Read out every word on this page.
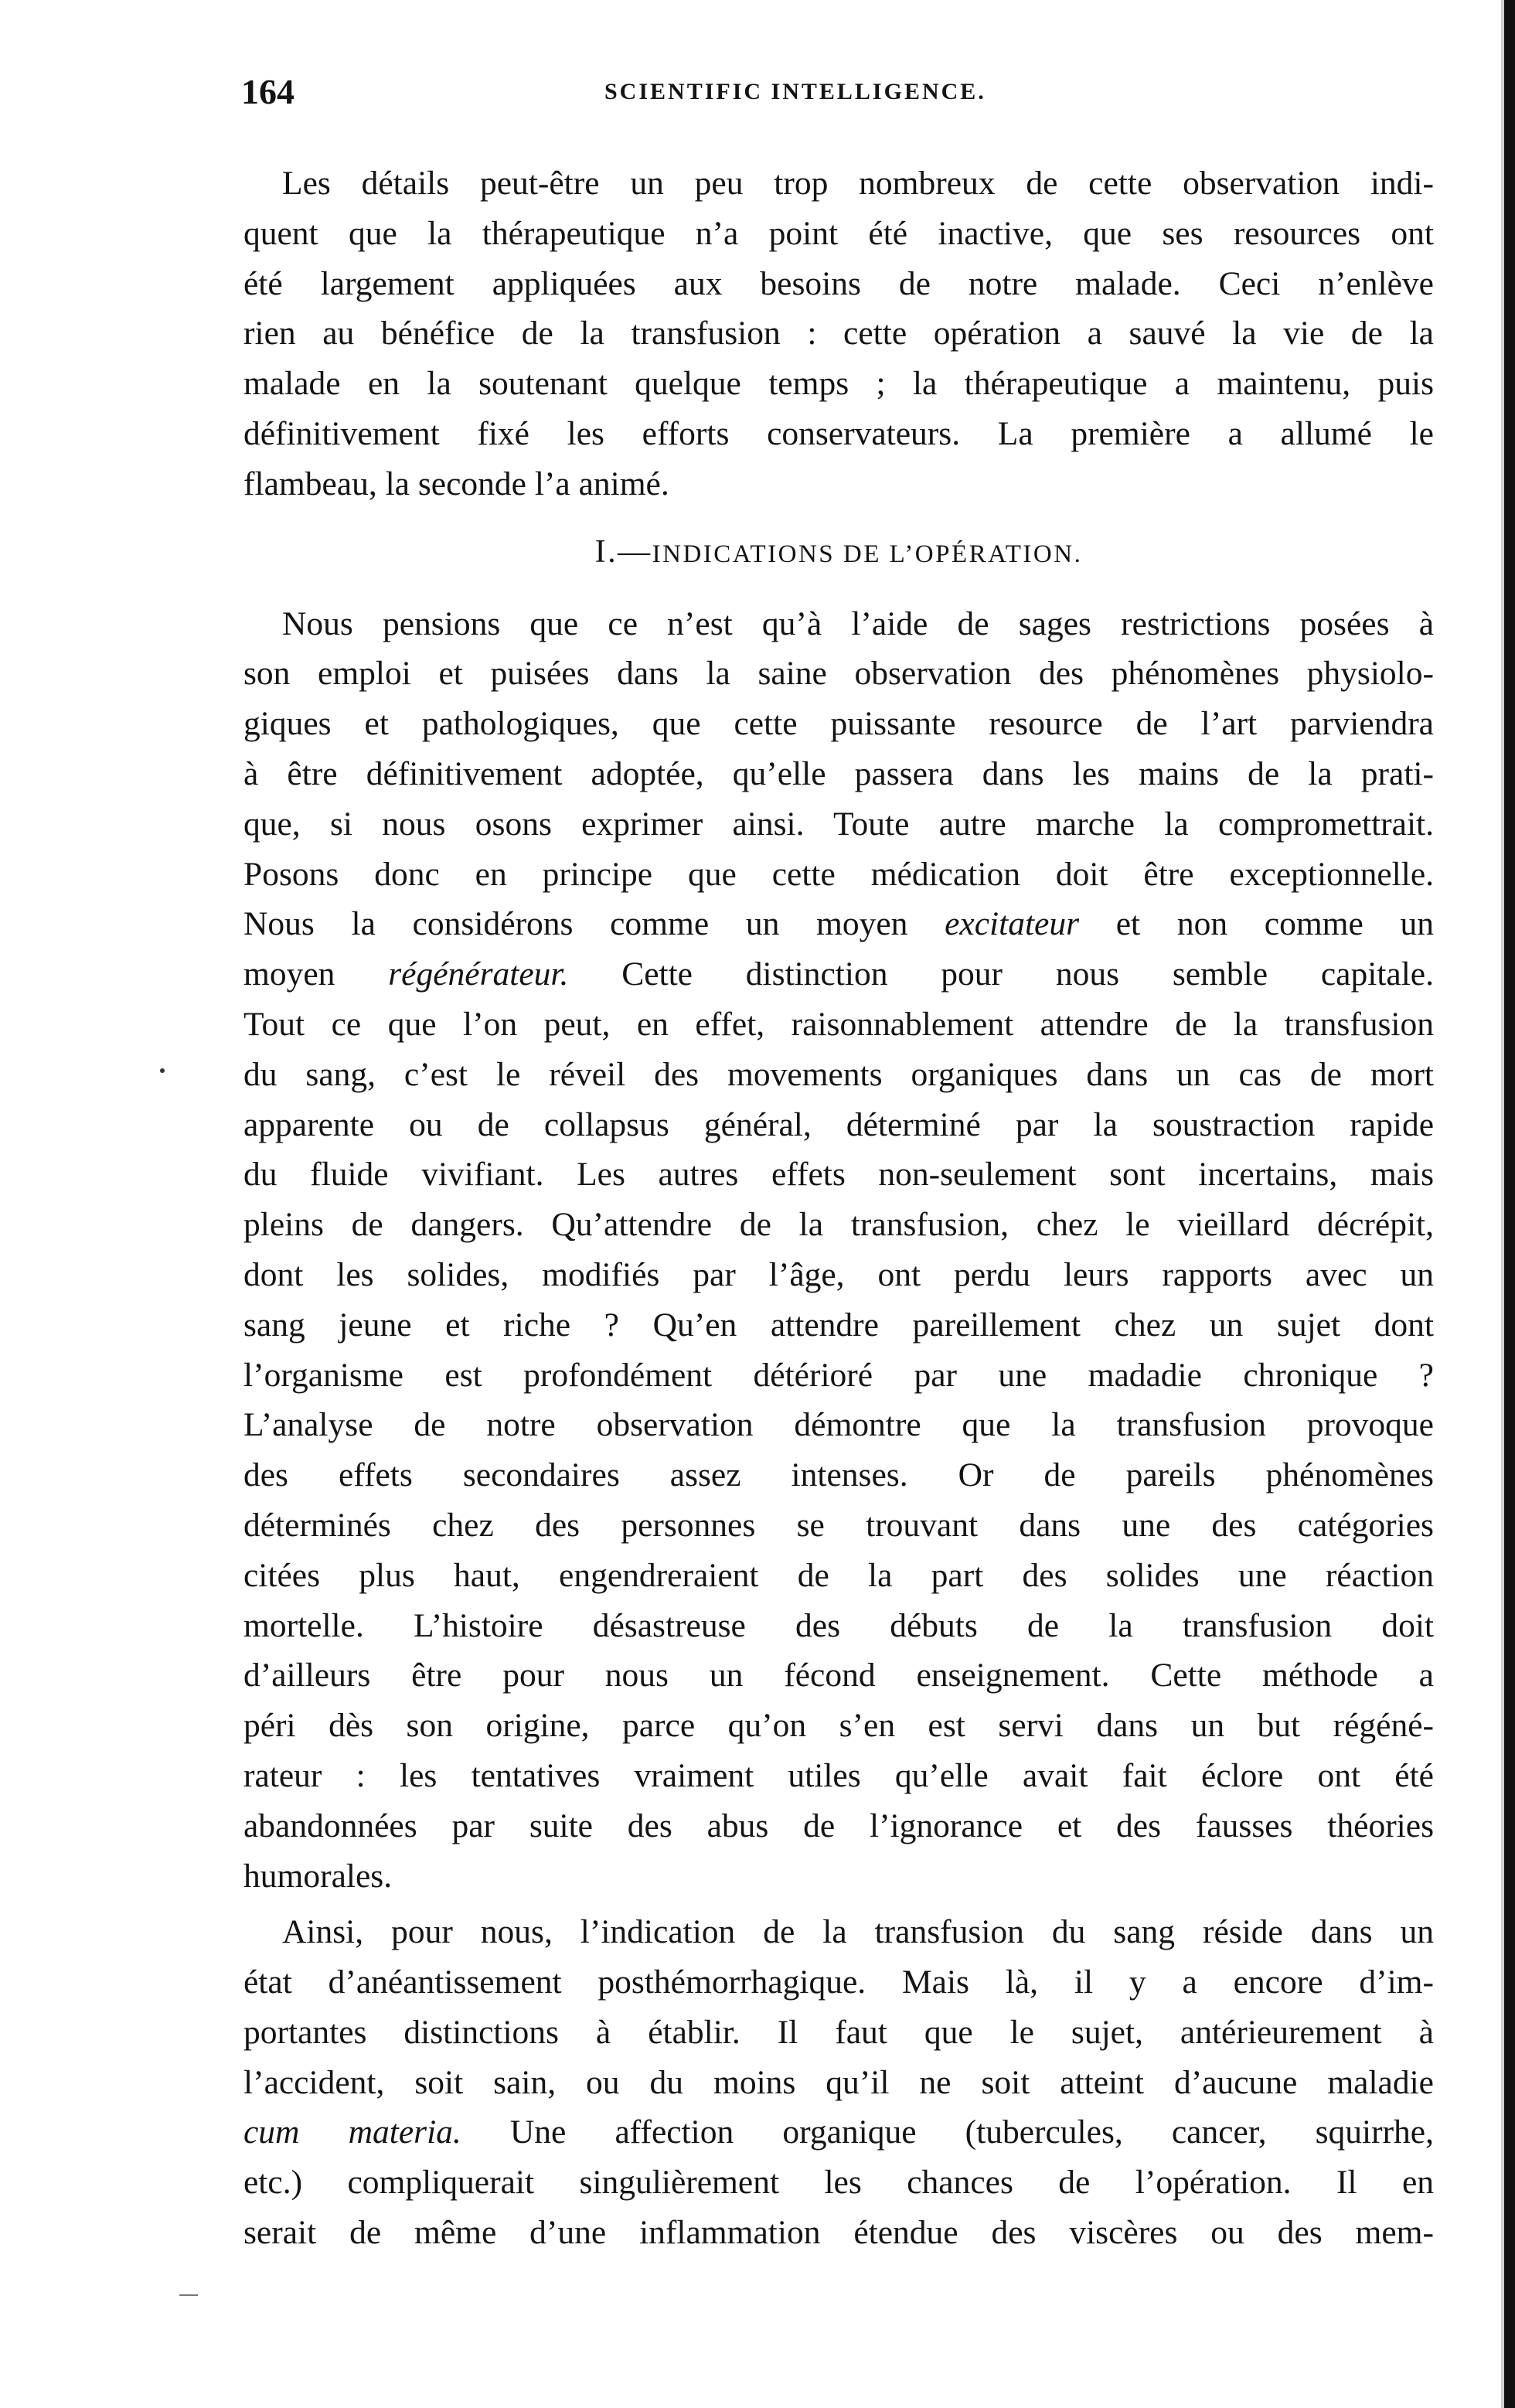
164	SCIENTIFIC INTELLIGENCE.
Les détails peut-être un peu trop nombreux de cette observation indi-
quent que la thérapeutique n’a point été inactive, que ses resources ont
été largement appliquées aux besoins de notre malade. Ceci n’enlève
rien au bénéfice de la transfusion : cette opération a sauvé la vie de la
malade en la soutenant quelque temps ; la thérapeutique a maintenu, puis
définitivement fixé les efforts conservateurs. La première a allumé le
flambeau, la seconde l’a animé.
I.—INDICATIONS DE L’OPÉRATION.
Nous pensions que ce n’est qu’à l’aide de sages restrictions posées à
son emploi et puisées dans la saine observation des phénomènes physiolo-
giques et pathologiques, que cette puissante resource de l’art parviendra
à être définitivement adoptée, qu’elle passera dans les mains de la prati-
que, si nous osons exprimer ainsi. Toute autre marche la compromettrait.
Posons donc en principe que cette médication doit être exceptionnelle.
Nous la considérons comme un moyen excitateur et non comme un
moyen régénérateur. Cette distinction pour nous semble capitale.
Tout ce que l’on peut, en effet, raisonnablement attendre de la transfusion
du sang, c’est le réveil des movements organiques dans un cas de mort
apparente ou de collapsus général, déterminé par la soustraction rapide
du fluide vivifiant. Les autres effets non-seulement sont incertains, mais
pleins de dangers. Qu’attendre de la transfusion, chez le vieillard décrépit,
dont les solides, modifiés par l’âge, ont perdu leurs rapports avec un
sang jeune et riche ? Qu’en attendre pareillement chez un sujet dont
l’organisme est profondément détérioré par une madadie chronique ?
L’analyse de notre observation démontre que la transfusion provoque
des effets secondaires assez intenses. Or de pareils phénomènes
déterminés chez des personnes se trouvant dans une des catégories
citées plus haut, engendreraient de la part des solides une réaction
mortelle. L’histoire désastreuse des débuts de la transfusion doit
d’ailleurs être pour nous un fécond enseignement. Cette méthode a
péri dès son origine, parce qu’on s’en est servi dans un but régéné-
rateur : les tentatives vraiment utiles qu’elle avait fait éclore ont été
abandonnées par suite des abus de l’ignorance et des fausses théories
humorales.
Ainsi, pour nous, l’indication de la transfusion du sang réside dans un
état d’anéantissement posthémorrhagique. Mais là, il y a encore d’im-
portantes distinctions à établir. Il faut que le sujet, antérieurement à
l’accident, soit sain, ou du moins qu’il ne soit atteint d’aucune maladie
cum materia. Une affection organique (tubercules, cancer, squirrhe,
etc.) compliquerait singulièrement les chances de l’opération. Il en
serait de même d’une inflammation étendue des viscères ou des mem-
